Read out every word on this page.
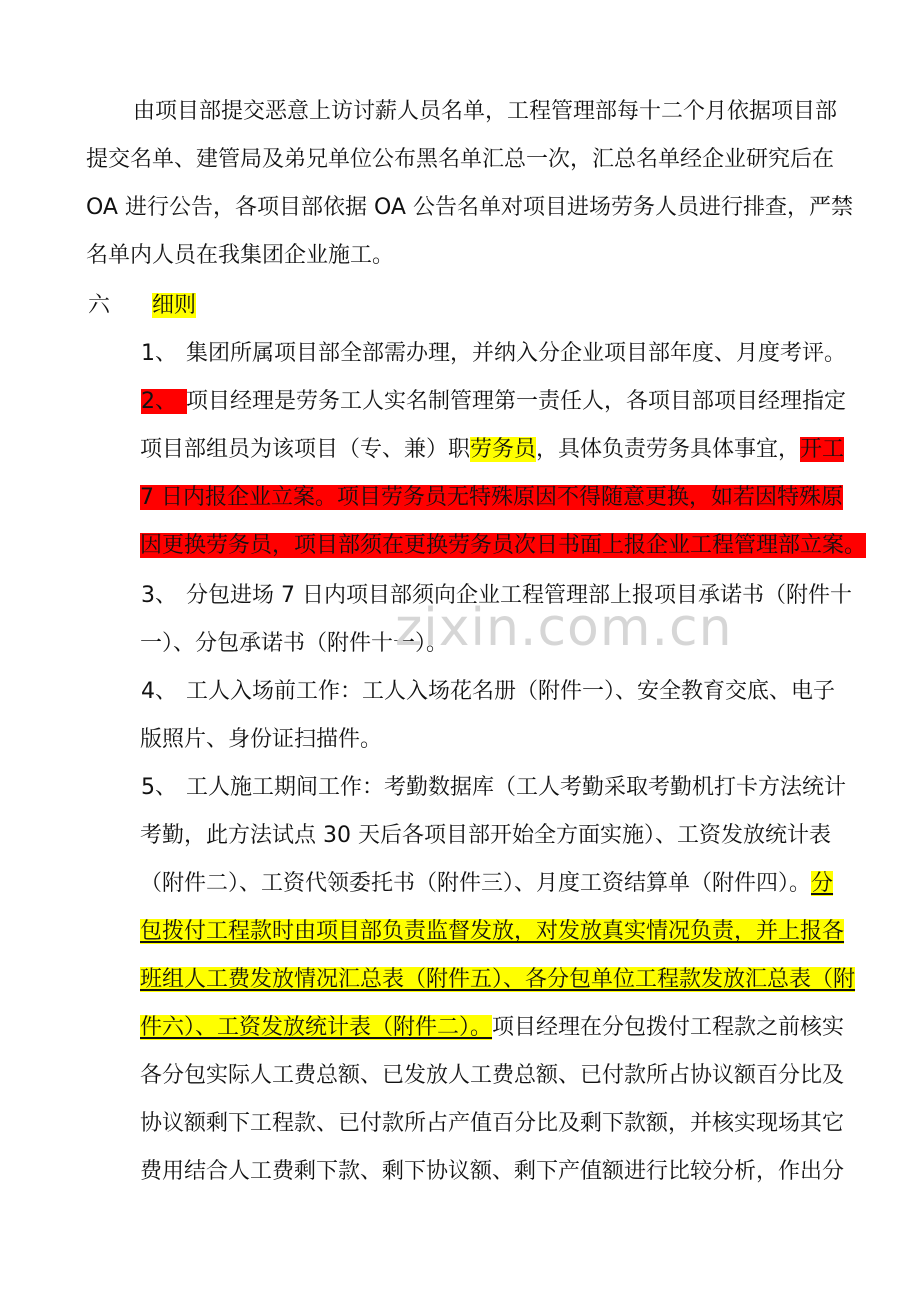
由项目部提交恶意上访讨薪人员名单，工程管理部每十二个月依据项目部
提交名单、建管局及弟兄单位公布黑名单汇总一次，汇总名单经企业研究后在
OA 进行公告，各项目部依据 OA 公告名单对项目进场劳务人员进行排查，严禁
名单内人员在我集团企业施工。
六 细则
1、 集团所属项目部全部需办理，并纳入分企业项目部年度、月度考评。
2、 项目经理是劳务工人实名制管理第一责任人，各项目部项目经理指定
项目部组员为该项目（专、兼）职劳务员，具体负责劳务具体事宜，开工
7 日内报企业立案。项目劳务员无特殊原因不得随意更换，如若因特殊原
因更换劳务员，项目部须在更换劳务员次日书面上报企业工程管理部立案。
3、 分包进场 7 日内项目部须向企业工程管理部上报项目承诺书（附件十
一）、分包承诺书（附件十一）。
zixin.com.cn
4、 工人入场前工作：工人入场花名册（附件一）、安全教育交底、电子
版照片、身份证扫描件。
5、 工人施工期间工作：考勤数据库（工人考勤采取考勤机打卡方法统计
考勤，此方法试点 30 天后各项目部开始全方面实施）、工资发放统计表
（附件二）、工资代领委托书（附件三）、月度工资结算单（附件四）。分
包拨付工程款时由项目部负责监督发放，对发放真实情况负责，并上报各
班组人工费发放情况汇总表（附件五）、各分包单位工程款发放汇总表（附
件六）、工资发放统计表（附件二）。项目经理在分包拨付工程款之前核实
各分包实际人工费总额、已发放人工费总额、已付款所占协议额百分比及
协议额剩下工程款、已付款所占产值百分比及剩下款额，并核实现场其它
费用结合人工费剩下款、剩下协议额、剩下产值额进行比较分析，作出分
